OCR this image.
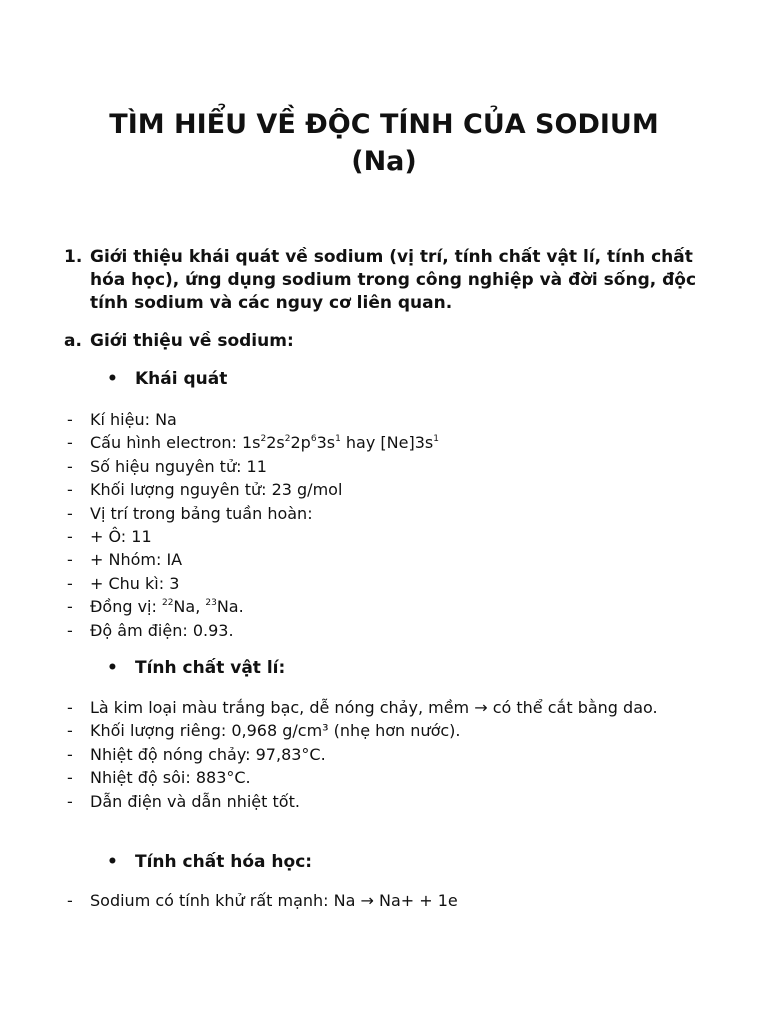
TÌM HIỂU VỀ ĐỘC TÍNH CỦA SODIUM
(Na)
1. Giới thiệu khái quát về sodium (vị trí, tính chất vật lí, tính chất hóa học), ứng dụng sodium trong công nghiệp và đời sống, độc tính sodium và các nguy cơ liên quan.
a. Giới thiệu về sodium:
• Khái quát
- Kí hiệu: Na
- Cấu hình electron: $1s^22s^22p^63s^1$ hay $[Ne]3s^1$
- Số hiệu nguyên tử: 11
- Khối lượng nguyên tử: 23 g/mol
- Vị trí trong bảng tuần hoàn:
- + Ô: 11
- + Nhóm: IA
- + Chu kì: 3
- Đồng vị: $^{22}$Na, $^{23}$Na.
- Độ âm điện: 0.93.
• Tính chất vật lí:
- Là kim loại màu trắng bạc, dễ nóng chảy, mềm → có thể cắt bằng dao.
- Khối lượng riêng: 0,968 g/cm³ (nhẹ hơn nước).
- Nhiệt độ nóng chảy: 97,83°C.
- Nhiệt độ sôi: 883°C.
- Dẫn điện và dẫn nhiệt tốt.
• Tính chất hóa học:
- Sodium có tính khử rất mạnh: Na → Na+ + 1e
